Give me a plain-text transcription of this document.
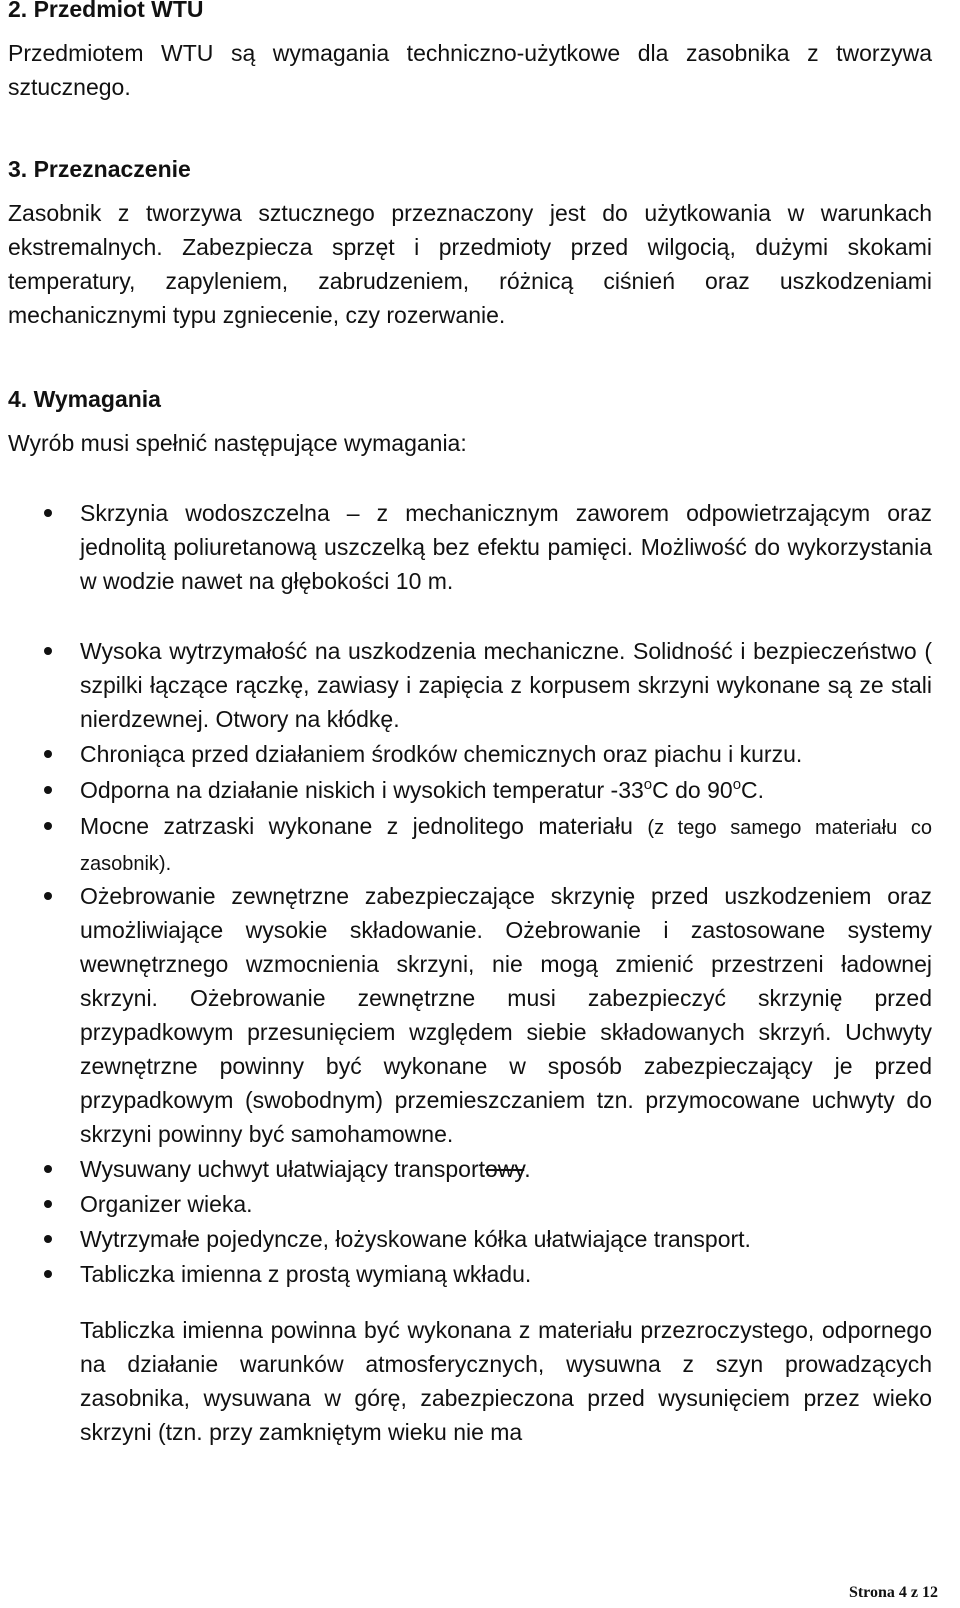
2. Przedmiot WTU

Przedmiotem WTU są wymagania techniczno-użytkowe dla zasobnika z tworzywa sztucznego.

3. Przeznaczenie

Zasobnik z tworzywa sztucznego przeznaczony jest do użytkowania w warunkach ekstremalnych. Zabezpiecza sprzęt i przedmioty przed wilgocią, dużymi skokami temperatury, zapyleniem, zabrudzeniem, różnicą ciśnień oraz uszkodzeniami mechanicznymi typu zgniecenie, czy rozerwanie.

4. Wymagania

Wyrób musi spełnić następujące wymagania:

Skrzynia wodoszczelna – z mechanicznym zaworem odpowietrzającym oraz jednolitą poliuretanową uszczelką bez efektu pamięci. Możliwość do wykorzystania w wodzie nawet na głębokości 10 m.
Wysoka wytrzymałość na uszkodzenia mechaniczne. Solidność i bezpieczeństwo ( szpilki łączące rączkę, zawiasy i zapięcia z korpusem skrzyni wykonane są ze stali nierdzewnej. Otwory na kłódkę.
Chroniąca przed działaniem środków chemicznych oraz piachu i kurzu.
Odporna na działanie niskich i wysokich temperatur -33$^o$C do 90$^o$C.
Mocne zatrzaski wykonane z jednolitego materiału (z tego samego materiału co zasobnik).
Ożebrowanie zewnętrzne zabezpieczające skrzynię przed uszkodzeniem oraz umożliwiające wysokie składowanie. Ożebrowanie i zastosowane systemy wewnętrznego wzmocnienia skrzyni, nie mogą zmienić przestrzeni ładownej skrzyni. Ożebrowanie zewnętrzne musi zabezpieczyć skrzynię przed przypadkowym przesunięciem względem siebie składowanych skrzyń. Uchwyty zewnętrzne powinny być wykonane w sposób zabezpieczający je przed przypadkowym (swobodnym) przemieszczaniem tzn. przymocowane uchwyty do skrzyni powinny być samohamowne.
Wysuwany uchwyt ułatwiający transportowy.
Organizer wieka.
Wytrzymałe pojedyncze, łożyskowane kółka ułatwiające transport.
Tabliczka imienna z prostą wymianą wkładu.

Tabliczka imienna powinna być wykonana z materiału przezroczystego, odpornego na działanie warunków atmosferycznych, wysuwna z szyn prowadzących zasobnika, wysuwana w górę, zabezpieczona przed wysunięciem przez wieko skrzyni (tzn. przy zamkniętym wieku nie ma

Strona 4 z 12
